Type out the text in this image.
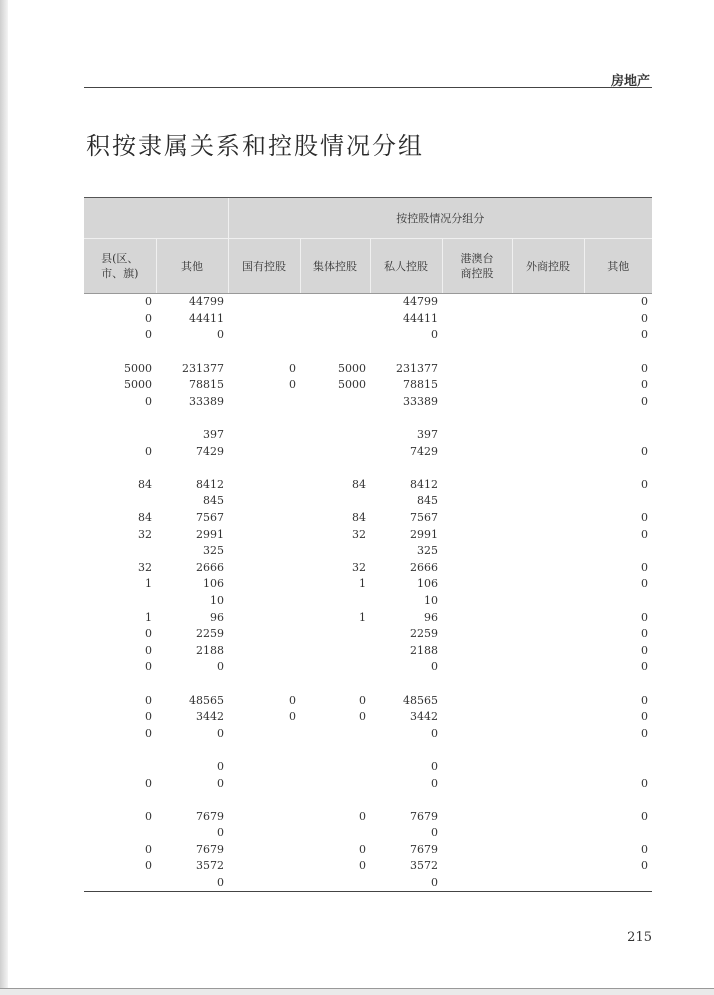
房地产
积按隶属关系和控股情况分组
		按控股情况分组分					
县(区、
市、旗)	其他	国有控股	集体控股	私人控股	港澳台
商控股	外商控股	其他
0	44799			44799			0
0	44411			44411			0
0	0			0			0

5000	231377	0	5000	231377			0
5000	78815	0	5000	78815			0
0	33389			33389			0

	397			397			
0	7429			7429			0

84	8412		84	8412			0
	845			845			
84	7567		84	7567			0
32	2991		32	2991			0
	325			325			
32	2666		32	2666			0
1	106		1	106			0
	10			10			
1	96		1	96			0
0	2259			2259			0
0	2188			2188			0
0	0			0			0

0	48565	0	0	48565			0
0	3442	0	0	3442			0
0	0			0			0

	0			0			
0	0			0			0

0	7679		0	7679			0
	0			0			
0	7679		0	7679			0
0	3572		0	3572			0
	0			0			
215
